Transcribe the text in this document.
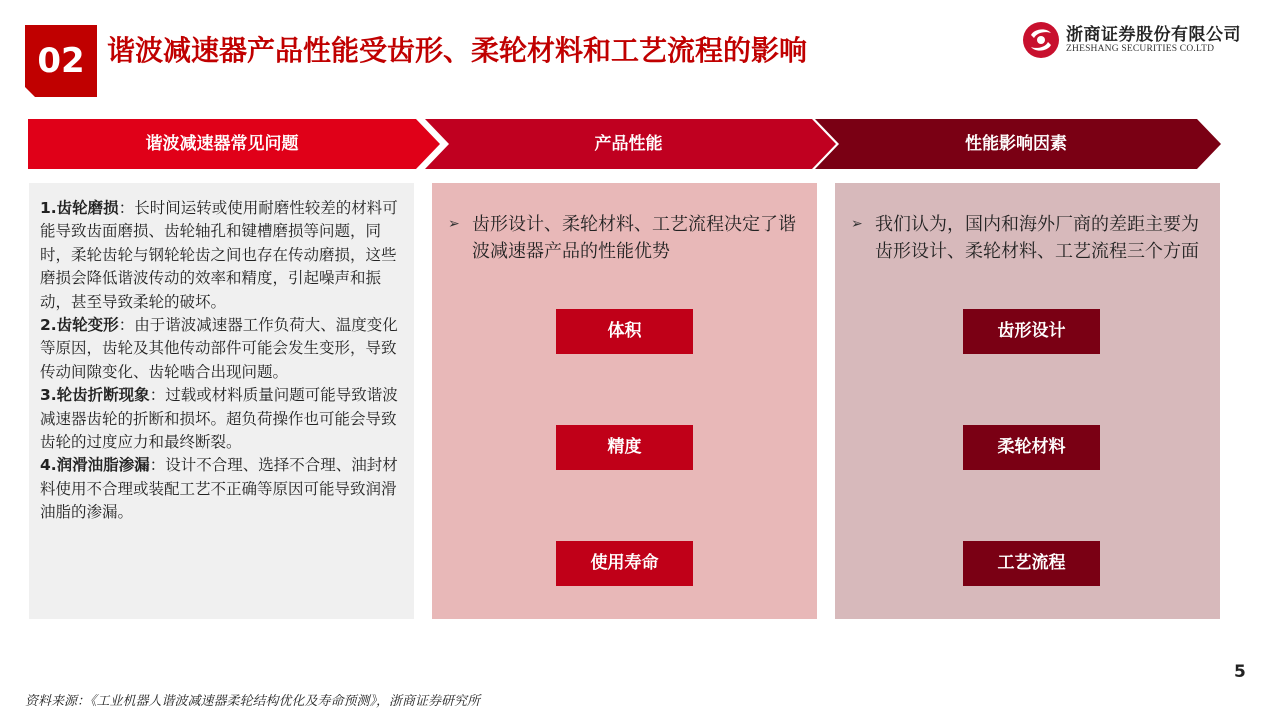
02 谐波减速器产品性能受齿形、柔轮材料和工艺流程的影响	浙商证券股份有限公司
ZHESHANG SECURITIES CO.LTD
谐波减速器常见问题	产品性能	性能影响因素

1.齿轮磨损：长时间运转或使用耐磨性较差的材料可能导致齿面磨损、齿轮轴孔和键槽磨损等问题，同时，柔轮齿轮与钢轮轮齿之间也存在传动磨损，这些磨损会降低谐波传动的效率和精度，引起噪声和振动，甚至导致柔轮的破坏。

2.齿轮变形：由于谐波减速器工作负荷大、温度变化等原因，齿轮及其他传动部件可能会发生变形，导致传动间隙变化、齿轮啮合出现问题。

3.轮齿折断现象：过载或材料质量问题可能导致谐波减速器齿轮的折断和损坏。超负荷操作也可能会导致齿轮的过度应力和最终断裂。

4.润滑油脂渗漏：设计不合理、选择不合理、油封材料使用不合理或装配工艺不正确等原因可能导致润滑油脂的渗漏。

➢ 齿形设计、柔轮材料、工艺流程决定了谐波减速器产品的性能优势
体积
精度
使用寿命
➢ 我们认为，国内和海外厂商的差距主要为齿形设计、柔轮材料、工艺流程三个方面
齿形设计
柔轮材料
工艺流程
5
资料来源：《工业机器人谐波减速器柔轮结构优化及寿命预测》，浙商证券研究所
